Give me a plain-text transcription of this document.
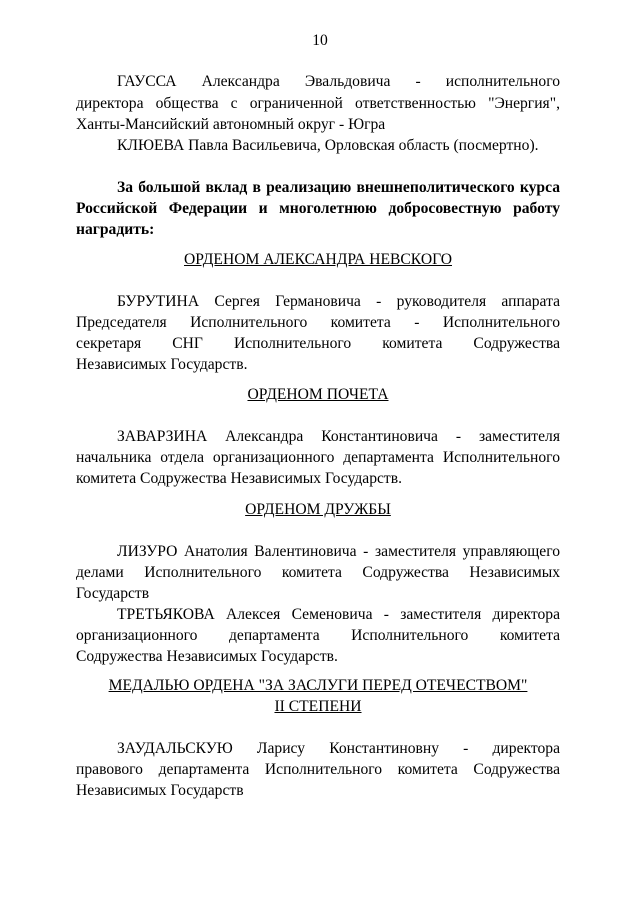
10
ГАУССА Александра Эвальдовича - исполнительного
директора общества с ограниченной ответственностью "Энергия",
Ханты-Мансийский автономный округ - Югра
КЛЮЕВА Павла Васильевича, Орловская область (посмертно).
За большой вклад в реализацию внешнеполитического курса
Российской Федерации и многолетнюю добросовестную работу
наградить:
ОРДЕНОМ АЛЕКСАНДРА НЕВСКОГО
БУРУТИНА Сергея Германовича - руководителя аппарата
Председателя Исполнительного комитета - Исполнительного
секретаря СНГ Исполнительного комитета Содружества
Независимых Государств.
ОРДЕНОМ ПОЧЕТА
ЗАВАРЗИНА Александра Константиновича - заместителя
начальника отдела организационного департамента Исполнительного
комитета Содружества Независимых Государств.
ОРДЕНОМ ДРУЖБЫ
ЛИЗУРО Анатолия Валентиновича - заместителя управляющего
делами Исполнительного комитета Содружества Независимых
Государств
ТРЕТЬЯКОВА Алексея Семеновича - заместителя директора
организационного департамента Исполнительного комитета
Содружества Независимых Государств.
МЕДАЛЬЮ ОРДЕНА "ЗА ЗАСЛУГИ ПЕРЕД ОТЕЧЕСТВОМ"
II СТЕПЕНИ
ЗАУДАЛЬСКУЮ Ларису Константиновну - директора
правового департамента Исполнительного комитета Содружества
Независимых Государств
